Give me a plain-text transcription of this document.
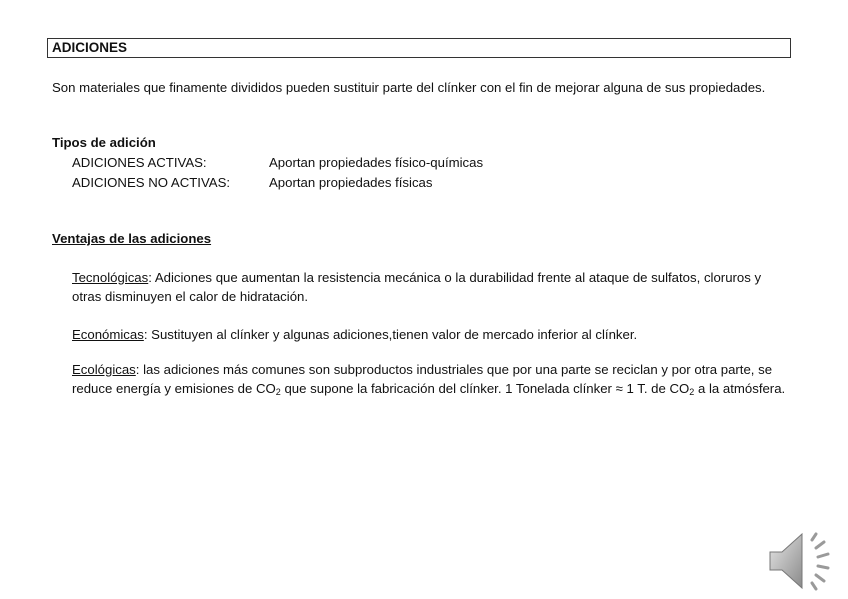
ADICIONES
Son materiales que finamente divididos pueden sustituir parte del clínker con el fin de mejorar alguna de sus propiedades.
Tipos de adición
ADICIONES ACTIVAS:	Aportan propiedades físico-químicas
ADICIONES NO ACTIVAS:	Aportan propiedades físicas
Ventajas de las adiciones
Tecnológicas: Adiciones que aumentan la resistencia mecánica o la durabilidad frente al ataque de sulfatos, cloruros y otras disminuyen el calor de hidratación.
Económicas: Sustituyen al clínker y algunas adiciones,tienen valor de mercado inferior al clínker.
Ecológicas: las adiciones más comunes son subproductos industriales que por una parte se reciclan y por otra parte, se reduce energía y emisiones de $CO_2$ que supone la fabricación del clínker. 1 Tonelada clínker ≈ 1 T. de $CO_2$ a la atmósfera.
